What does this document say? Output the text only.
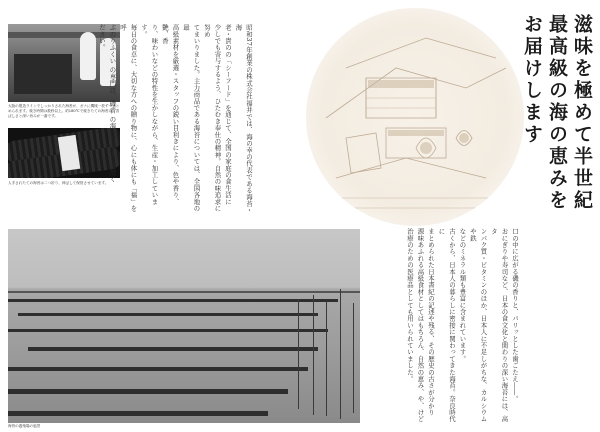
大阪の製造ラインでしっかりされた海苔が、ガナに機械一枚ずつまとめられます。焼き時間は数秒以上。約180℃で焼きたての海苔は、香ばしさと深い旨みが一番です。
人手されたての海苔は二つ折り、伸ばして保管させています。	昭和37年創業の株式会社福井では、海の幸の代表である海苔・海
老・貴のの「シーフード」を通じて、全国の家庭の食生活に
少しでも寄与するよう、ひたむき奉仕の精神。自然の味追求に努め
てまいりました。主力商品である海苔については、全国各地の最
高級素材を厳選・スタッフの鋭い目利きにより、色や香り、艶、香
り、味わいなどの特性を生かしながら、生産・加工しています。
毎日の食卓に、大切な方への贈り物に、心にも体にも「福」を呼
ぶのりふくい の専門店、磯音 の海苔を是非ご愛用く
ださい。	滋味を極めて半世紀
最高級の海の恵みを
お届けします
口の中に広がる磯の香りと、パリッとした歯ごたえ――。
おにぎりや寿司など、日本の食文化と関わりの深い海苔には、高タ
ンパク質・ビタミンのほか、日本人に不足しがちな、カルシウムや鉄
などのミネラル類も豊富に含まれています。
古くから、日本人の暮らしに密接に関わってきた海苔。奈良時代に
まとめられた日本書紀の記述や残る、その歴史の古さが分かり
源味あふれる高級食材としてはもちろん、自然の恵み、や、けど
治療のための医療品としても用いられていました。
海苔の養殖場の風景
